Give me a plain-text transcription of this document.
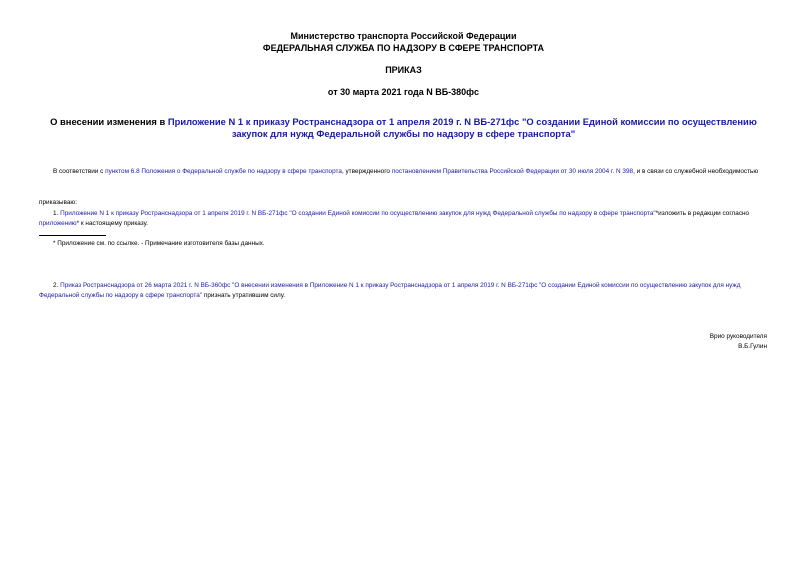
Министерство транспорта Российской Федерации
ФЕДЕРАЛЬНАЯ СЛУЖБА ПО НАДЗОРУ В СФЕРЕ ТРАНСПОРТА
ПРИКАЗ
от 30 марта 2021 года N ВБ-380фс
О внесении изменения в Приложение N 1 к приказу Ространснадзора от 1 апреля 2019 г. N ВБ-271фс "О создании Единой комиссии по осуществлению закупок для нужд Федеральной службы по надзору в сфере транспорта"
В соответствии с пунктом 6.8 Положения о Федеральной службе по надзору в сфере транспорта, утвержденного постановлением Правительства Российской Федерации от 30 июля 2004 г. N 398, и в связи со служебной необходимостью
приказываю:
1. Приложение N 1 к приказу Ространснадзора от 1 апреля 2019 г. N ВБ-271фс "О создании Единой комиссии по осуществлению закупок для нужд Федеральной службы по надзору в сфере транспорта"*изложить в редакции согласно приложению* к настоящему приказу.
* Приложение см. по ссылке. - Примечание изготовителя базы данных.
2. Приказ Ространснадзора от 26 марта 2021 г. N ВБ-360фс "О внесении изменения в Приложение N 1 к приказу Ространснадзора от 1 апреля 2019 г. N ВБ-271фс "О создании Единой комиссии по осуществлению закупок для нужд Федеральной службы по надзору в сфере транспорта" признать утратившим силу.
Врио руководителя
В.Б.Гулин
